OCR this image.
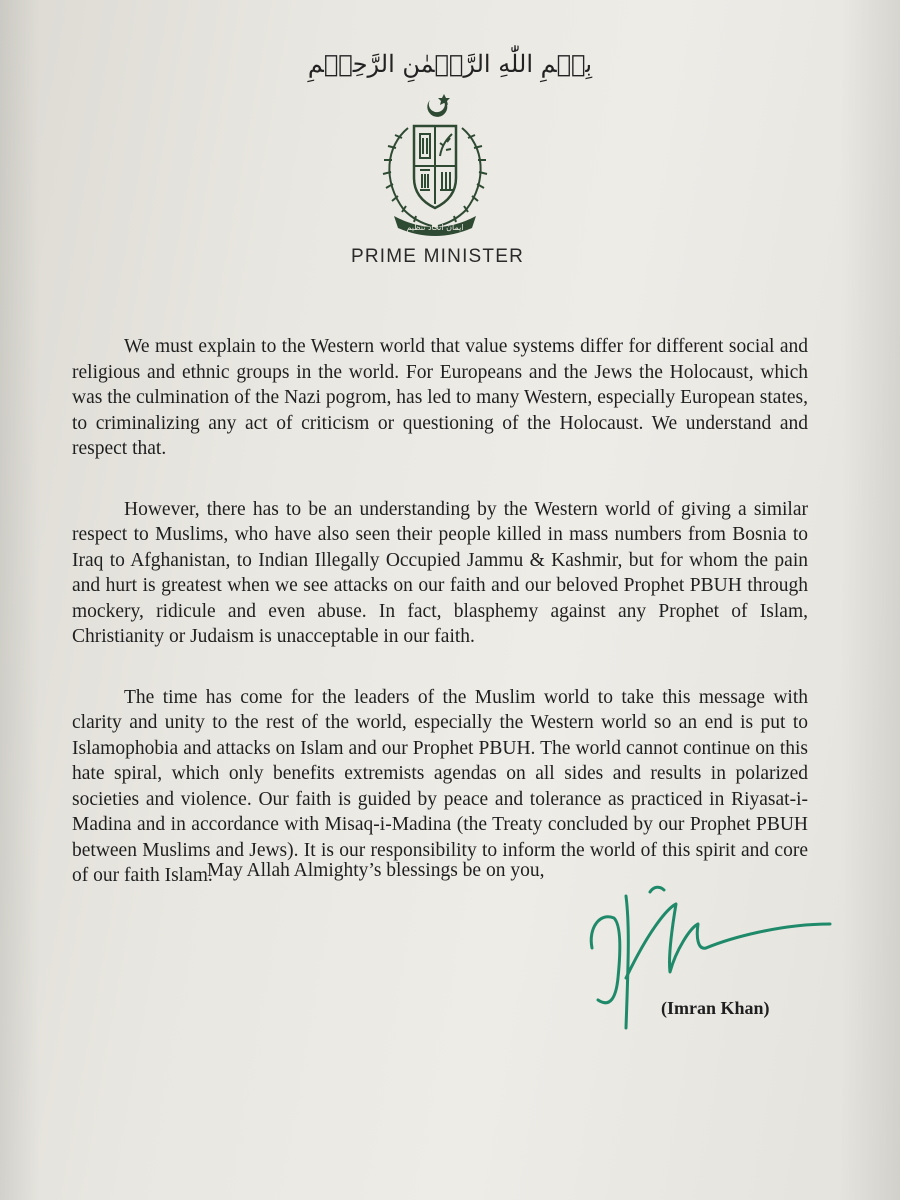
بِسۡمِ اللّٰهِ الرَّحۡمٰنِ الرَّحِيۡمِ
ایمان اتحاد تنظیم
PRIME MINISTER

We must explain to the Western world that value systems differ for different social and religious and ethnic groups in the world. For Europeans and the Jews the Holocaust, which was the culmination of the Nazi pogrom, has led to many Western, especially European states, to criminalizing any act of criticism or questioning of the Holocaust. We understand and respect that.

However, there has to be an understanding by the Western world of giving a similar respect to Muslims, who have also seen their people killed in mass numbers from Bosnia to Iraq to Afghanistan, to Indian Illegally Occupied Jammu & Kashmir, but for whom the pain and hurt is greatest when we see attacks on our faith and our beloved Prophet PBUH through mockery, ridicule and even abuse. In fact, blasphemy against any Prophet of Islam, Christianity or Judaism is unacceptable in our faith.

The time has come for the leaders of the Muslim world to take this message with clarity and unity to the rest of the world, especially the Western world so an end is put to Islamophobia and attacks on Islam and our Prophet PBUH. The world cannot continue on this hate spiral, which only benefits extremists agendas on all sides and results in polarized societies and violence. Our faith is guided by peace and tolerance as practiced in Riyasat-i-Madina and in accordance with Misaq-i-Madina (the Treaty concluded by our Prophet PBUH between Muslims and Jews). It is our responsibility to inform the world of this spirit and core of our faith Islam.

May Allah Almighty’s blessings be on you,
(Imran Khan)
